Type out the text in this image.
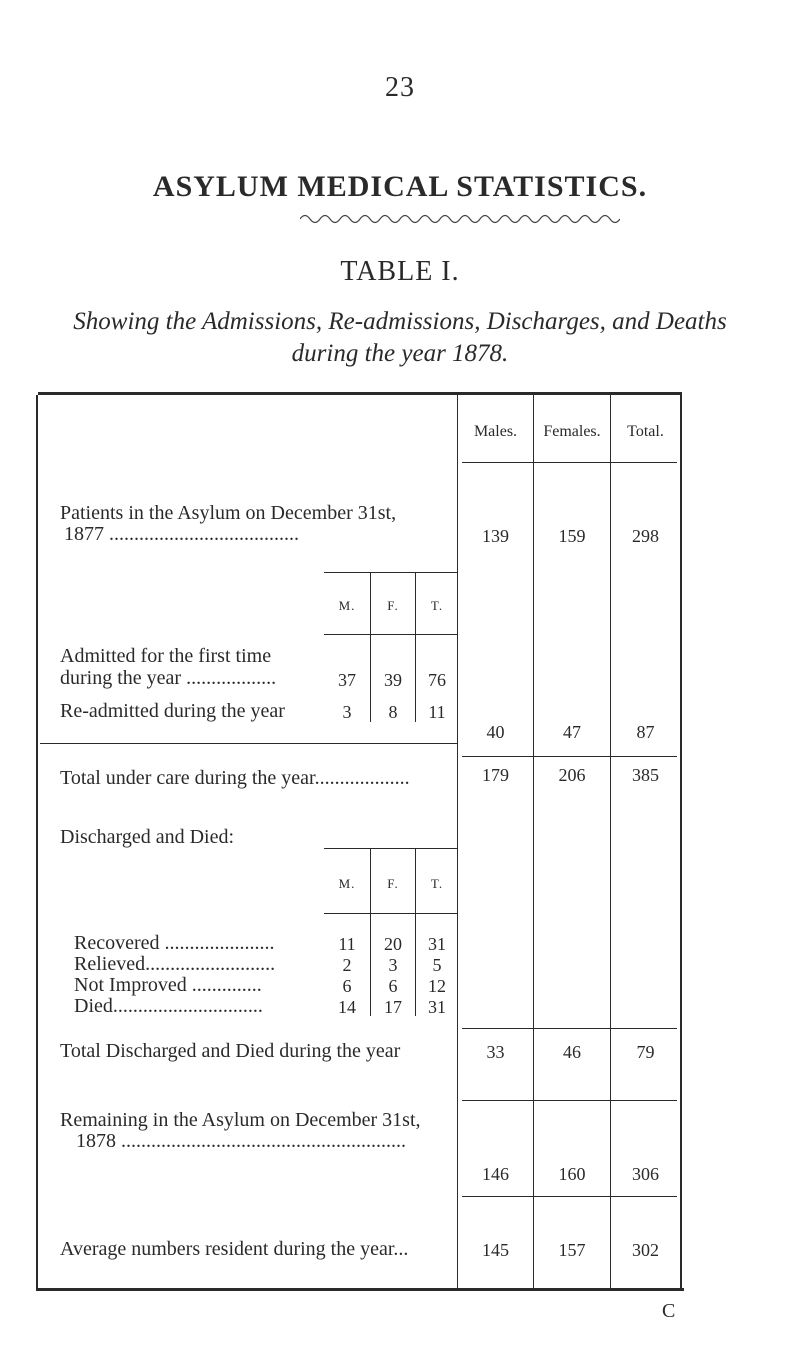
23
ASYLUM MEDICAL STATISTICS.
TABLE I.
Showing the Admissions, Re-admissions, Discharges, and Deaths
during the year 1878.
Males.	Females.	Total.
Patients in the Asylum on December 31st,
1877 ......................................	139	159	298
M.	F.	T.
Admitted for the first time
during the year ..................	37	39	76
Re-admitted during the year	3	8	11
40	47	87
Total under care during the year...................	179	206	385
Discharged and Died:
M.	F.	T.
Recovered ......................	11	20	31
Relieved..........................	2	3	5
Not Improved ..............	6	6	12
Died..............................	14	17	31
Total Discharged and Died during the year	33	46	79
Remaining in the Asylum on December 31st,
1878 .........................................................
146	160	306
Average numbers resident during the year...	145	157	302
C
